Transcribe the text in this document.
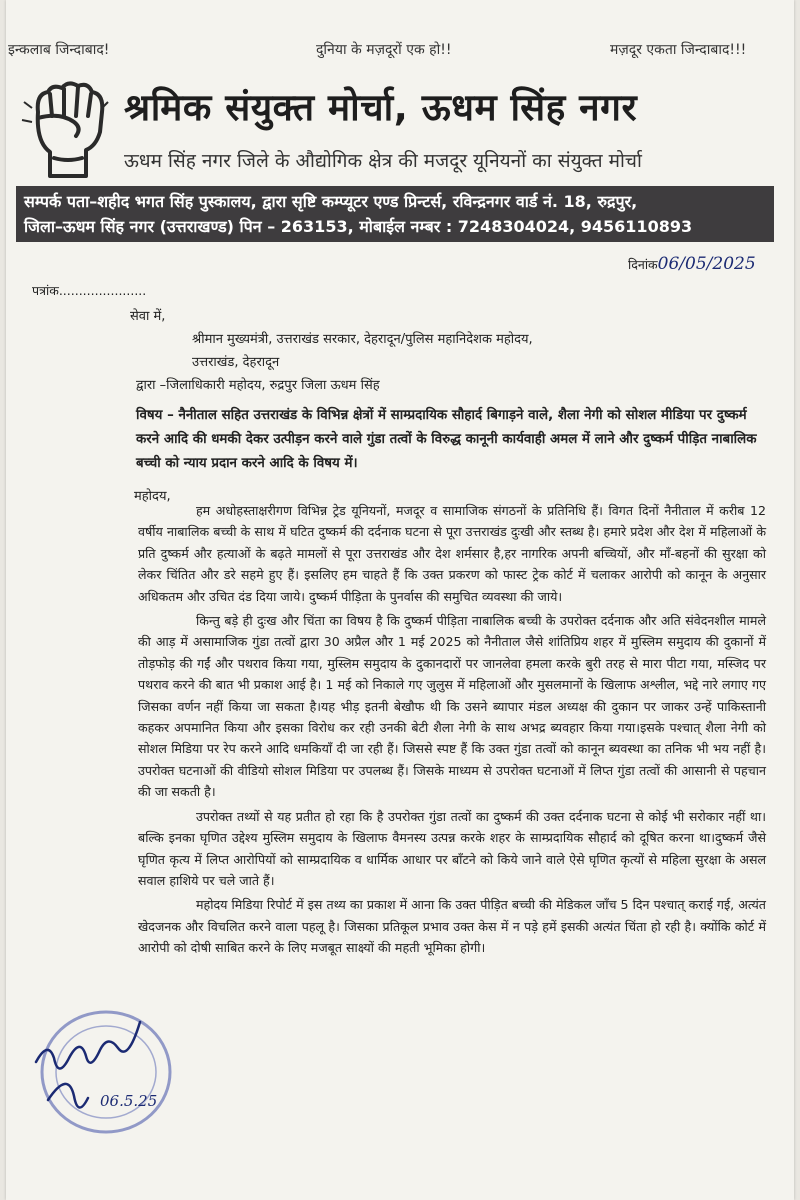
इन्कलाब जिन्दाबाद!	दुनिया के मज़दूरों एक हो!!	मज़दूर एकता जिन्दाबाद!!!
श्रमिक संयुक्त मोर्चा, ऊधम सिंह नगर
ऊधम सिंह नगर जिले के औद्योगिक क्षेत्र की मजदूर यूनियनों का संयुक्त मोर्चा
सम्पर्क पता–शहीद भगत सिंह पुस्कालय, द्वारा सृष्टि कम्प्यूटर एण्ड प्रिन्टर्स, रविन्द्रनगर वार्ड नं. 18, रुद्रपुर,
जिला–ऊधम सिंह नगर (उत्तराखण्ड) पिन – 263153, मोबाईल नम्बर : 7248304024, 9456110893
दिनांक06/05/2025
पत्रांक......................
सेवा में,
श्रीमान मुख्यमंत्री, उत्तराखंड सरकार, देहरादून/पुलिस महानिदेशक महोदय,
उत्तराखंड, देहरादून
द्वारा –जिलाधिकारी महोदय, रुद्रपुर जिला ऊधम सिंह
विषय – नैनीताल सहित उत्तराखंड के विभिन्न क्षेत्रों में साम्प्रदायिक सौहार्द बिगाड़ने वाले, शैला नेगी को सोशल मीडिया पर दुष्कर्म करने आदि की धमकी देकर उत्पीड़न करने वाले गुंडा तत्वों के विरुद्ध कानूनी कार्यवाही अमल में लाने और दुष्कर्म पीड़ित नाबालिक बच्ची को न्याय प्रदान करने आदि के विषय में।
महोदय,

हम अधोहस्ताक्षरीगण विभिन्न ट्रेड यूनियनों, मजदूर व सामाजिक संगठनों के प्रतिनिधि हैं। विगत दिनों नैनीताल में करीब 12 वर्षीय नाबालिक बच्ची के साथ में घटित दुष्कर्म की दर्दनाक घटना से पूरा उत्तराखंड दुःखी और स्तब्ध है। हमारे प्रदेश और देश में महिलाओं के प्रति दुष्कर्म और हत्याओं के बढ़ते मामलों से पूरा उत्तराखंड और देश शर्मसार है,हर नागरिक अपनी बच्चियों, और माँ-बहनों की सुरक्षा को लेकर चिंतित और डरे सहमे हुए हैं। इसलिए हम चाहते हैं कि उक्त प्रकरण को फास्ट ट्रेक कोर्ट में चलाकर आरोपी को कानून के अनुसार अधिकतम और उचित दंड दिया जाये। दुष्कर्म पीड़िता के पुनर्वास की समुचित व्यवस्था की जाये।

किन्तु बड़े ही दुःख और चिंता का विषय है कि दुष्कर्म पीड़िता नाबालिक बच्ची के उपरोक्त दर्दनाक और अति संवेदनशील मामले की आड़ में असामाजिक गुंडा तत्वों द्वारा 30 अप्रैल और 1 मई 2025 को नैनीताल जैसे शांतिप्रिय शहर में मुस्लिम समुदाय की दुकानों में तोड़फोड़ की गईं और पथराव किया गया, मुस्लिम समुदाय के दुकानदारों पर जानलेवा हमला करके बुरी तरह से मारा पीटा गया, मस्जिद पर पथराव करने की बात भी प्रकाश आई है। 1 मई को निकाले गए जुलुस में महिलाओं और मुसलमानों के खिलाफ अश्लील, भद्दे नारे लगाए गए जिसका वर्णन नहीं किया जा सकता है।यह भीड़ इतनी बेखौफ थी कि उसने ब्यापार मंडल अध्यक्ष की दुकान पर जाकर उन्हें पाकिस्तानी कहकर अपमानित किया और इसका विरोध कर रही उनकी बेटी शैला नेगी के साथ अभद्र ब्यवहार किया गया।इसके पश्चात् शैला नेगी को सोशल मिडिया पर रेप करने आदि धमकियाँ दी जा रही हैं। जिससे स्पष्ट हैं कि उक्त गुंडा तत्वों को कानून ब्यवस्था का तनिक भी भय नहीं है।उपरोक्त घटनाओं की वीडियो सोशल मिडिया पर उपलब्ध हैं। जिसके माध्यम से उपरोक्त घटनाओं में लिप्त गुंडा तत्वों की आसानी से पहचान की जा सकती है।

उपरोक्त तथ्यों से यह प्रतीत हो रहा कि है उपरोक्त गुंडा तत्वों का दुष्कर्म की उक्त दर्दनाक घटना से कोई भी सरोकार नहीं था। बल्कि इनका घृणित उद्देश्य मुस्लिम समुदाय के खिलाफ वैमनस्य उत्पन्न करके शहर के साम्प्रदायिक सौहार्द को दूषित करना था।दुष्कर्म जैसे घृणित कृत्य में लिप्त आरोपियों को साम्प्रदायिक व धार्मिक आधार पर बाँटने को किये जाने वाले ऐसे घृणित कृत्यों से महिला सुरक्षा के असल सवाल हाशिये पर चले जाते हैं।

महोदय मिडिया रिपोर्ट में इस तथ्य का प्रकाश में आना कि उक्त पीड़ित बच्ची की मेडिकल जाँच 5 दिन पश्चात् कराई गई, अत्यंत खेदजनक और विचलित करने वाला पहलू है। जिसका प्रतिकूल प्रभाव उक्त केस में न पड़े हमें इसकी अत्यंत चिंता हो रही है। क्योंकि कोर्ट में आरोपी को दोषी साबित करने के लिए मजबूत साक्ष्यों की महती भूमिका होगी।

Received
06.5.25
